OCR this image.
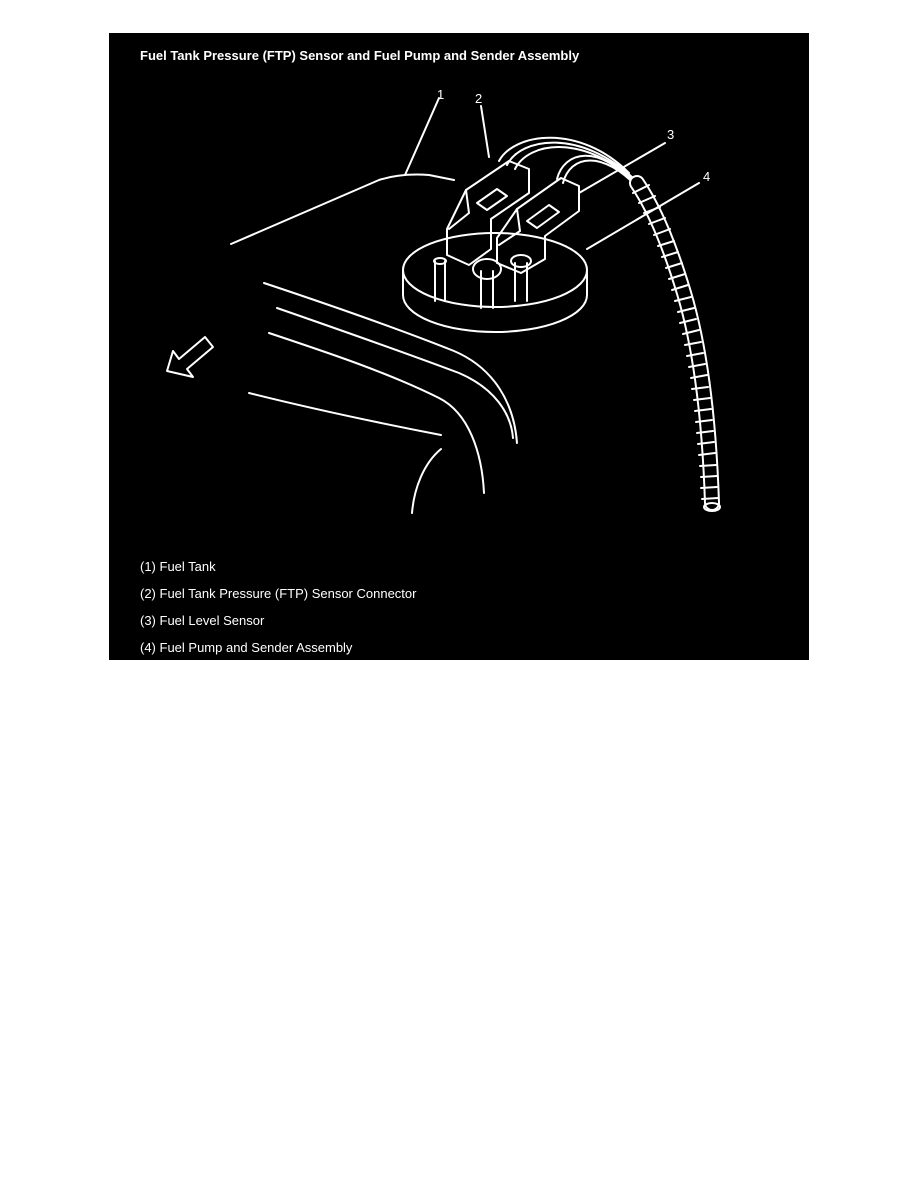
Fuel Tank Pressure (FTP) Sensor and Fuel Pump and Sender Assembly
1 2
3
4
(1) Fuel Tank
(2) Fuel Tank Pressure (FTP) Sensor Connector
(3) Fuel Level Sensor
(4) Fuel Pump and Sender Assembly
